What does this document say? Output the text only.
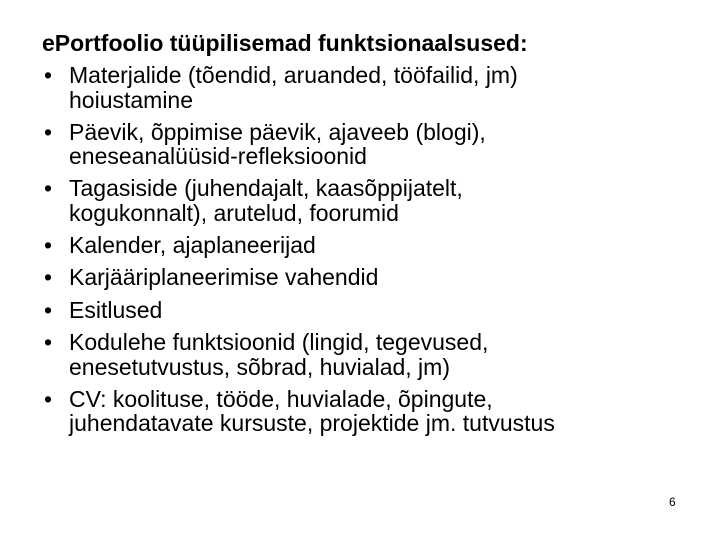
ePortfoolio tüüpilisemad funktsionaalsused:
• Materjalide (tõendid, aruanded, tööfailid, jm)
hoiustamine
• Päevik, õppimise päevik, ajaveeb (blogi),
eneseanalüüsid-refleksioonid
• Tagasiside (juhendajalt, kaasõppijatelt,
kogukonnalt), arutelud, foorumid
• Kalender, ajaplaneerijad
• Karjääriplaneerimise vahendid
• Esitlused
• Kodulehe funktsioonid (lingid, tegevused,
enesetutvustus, sõbrad, huvialad, jm)
• CV: koolituse, tööde, huvialade, õpingute,
juhendatavate kursuste, projektide jm. tutvustus
6
